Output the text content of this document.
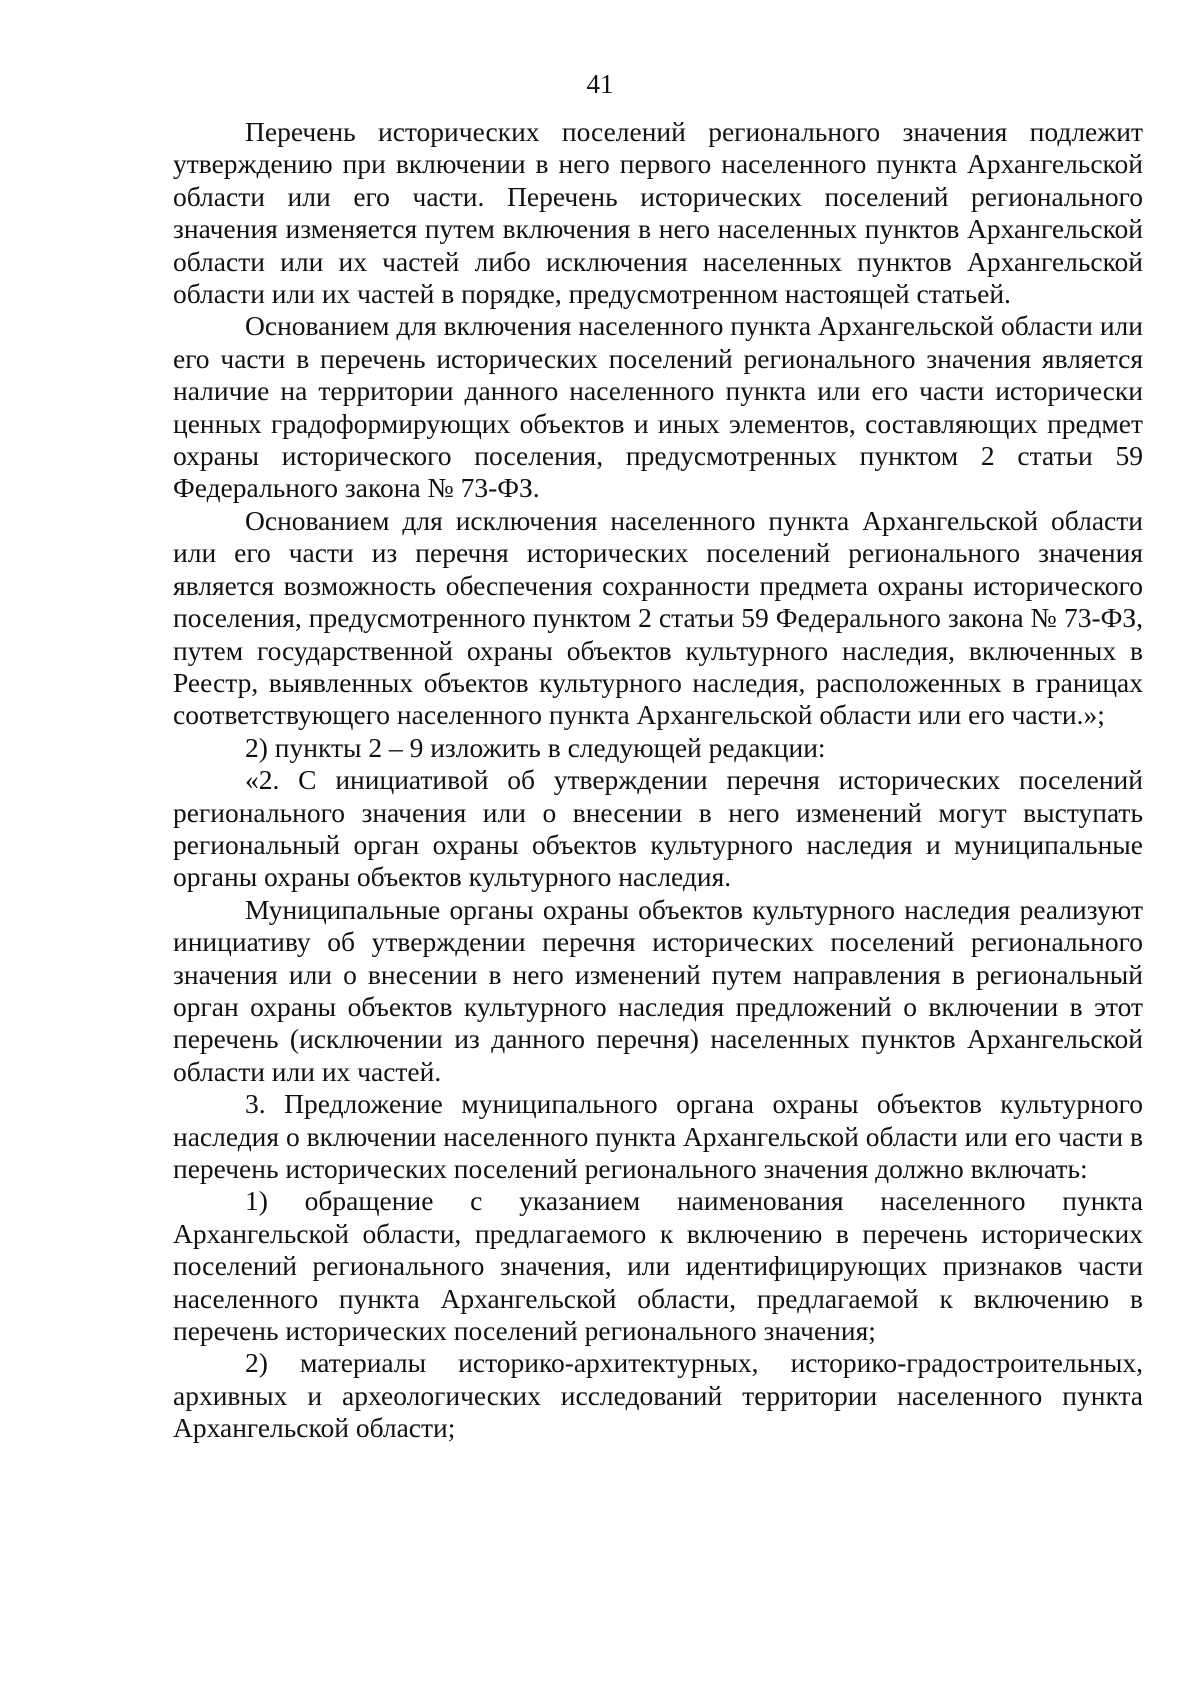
41

Перечень исторических поселений регионального значения подлежит утверждению при включении в него первого населенного пункта Архангельской области или его части. Перечень исторических поселений регионального значения изменяется путем включения в него населенных пунктов Архангельской области или их частей либо исключения населенных пунктов Архангельской области или их частей в порядке, предусмотренном настоящей статьей.

Основанием для включения населенного пункта Архангельской области или его части в перечень исторических поселений регионального значения является наличие на территории данного населенного пункта или его части исторически ценных градоформирующих объектов и иных элементов, составляющих предмет охраны исторического поселения, предусмотренных пунктом 2 статьи 59 Федерального закона № 73-ФЗ.

Основанием для исключения населенного пункта Архангельской области или его части из перечня исторических поселений регионального значения является возможность обеспечения сохранности предмета охраны исторического поселения, предусмотренного пунктом 2 статьи 59 Федерального закона № 73-ФЗ, путем государственной охраны объектов культурного наследия, включенных в Реестр, выявленных объектов культурного наследия, расположенных в границах соответствующего населенного пункта Архангельской области или его части.»;

2) пункты 2 – 9 изложить в следующей редакции:

«2. С инициативой об утверждении перечня исторических поселений регионального значения или о внесении в него изменений могут выступать региональный орган охраны объектов культурного наследия и муниципальные органы охраны объектов культурного наследия.

Муниципальные органы охраны объектов культурного наследия реализуют инициативу об утверждении перечня исторических поселений регионального значения или о внесении в него изменений путем направления в региональный орган охраны объектов культурного наследия предложений о включении в этот перечень (исключении из данного перечня) населенных пунктов Архангельской области или их частей.

3. Предложение муниципального органа охраны объектов культурного наследия о включении населенного пункта Архангельской области или его части в перечень исторических поселений регионального значения должно включать:

1) обращение с указанием наименования населенного пункта Архангельской области, предлагаемого к включению в перечень исторических поселений регионального значения, или идентифицирующих признаков части населенного пункта Архангельской области, предлагаемой к включению в перечень исторических поселений регионального значения;

2) материалы историко-архитектурных, историко-градостроительных, архивных и археологических исследований территории населенного пункта Архангельской области;
